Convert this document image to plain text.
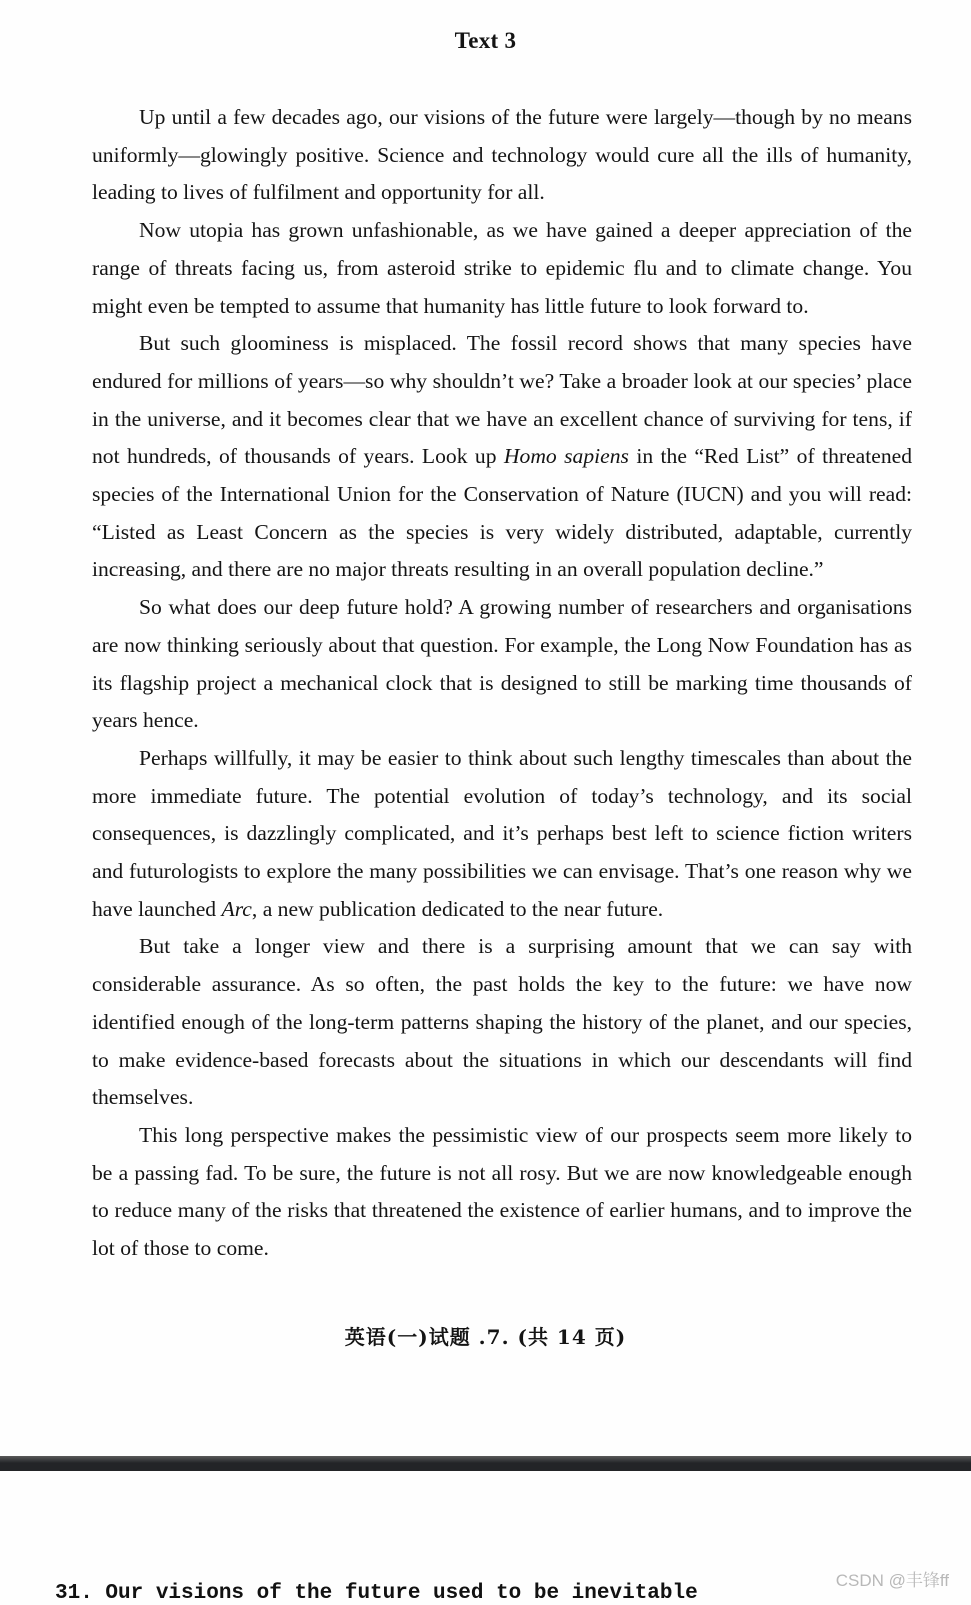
Text 3

Up until a few decades ago, our visions of the future were largely—though by no means uniformly—glowingly positive. Science and technology would cure all the ills of humanity, leading to lives of fulfilment and opportunity for all.

Now utopia has grown unfashionable, as we have gained a deeper appreciation of the range of threats facing us, from asteroid strike to epidemic flu and to climate change. You might even be tempted to assume that humanity has little future to look forward to.

But such gloominess is misplaced. The fossil record shows that many species have endured for millions of years—so why shouldn’t we? Take a broader look at our species’ place in the universe, and it becomes clear that we have an excellent chance of surviving for tens, if not hundreds, of thousands of years. Look up Homo sapiens in the “Red List” of threatened species of the International Union for the Conservation of Nature (IUCN) and you will read: “Listed as Least Concern as the species is very widely distributed, adaptable, currently increasing, and there are no major threats resulting in an overall population decline.”

So what does our deep future hold? A growing number of researchers and organisations are now thinking seriously about that question. For example, the Long Now Foundation has as its flagship project a mechanical clock that is designed to still be marking time thousands of years hence.

Perhaps willfully, it may be easier to think about such lengthy timescales than about the more immediate future. The potential evolution of today’s technology, and its social consequences, is dazzlingly complicated, and it’s perhaps best left to science fiction writers and futurologists to explore the many possibilities we can envisage. That’s one reason why we have launched Arc, a new publication dedicated to the near future.

But take a longer view and there is a surprising amount that we can say with considerable assurance. As so often, the past holds the key to the future: we have now identified enough of the long-term patterns shaping the history of the planet, and our species, to make evidence-based forecasts about the situations in which our descendants will find themselves.

This long perspective makes the pessimistic view of our prospects seem more likely to be a passing fad. To be sure, the future is not all rosy. But we are now knowledgeable enough to reduce many of the risks that threatened the existence of earlier humans, and to improve the lot of those to come.

英语(一)试题 .7. (共 14 页)
31. Our visions of the future used to be inevitable
CSDN @丰锋ff
